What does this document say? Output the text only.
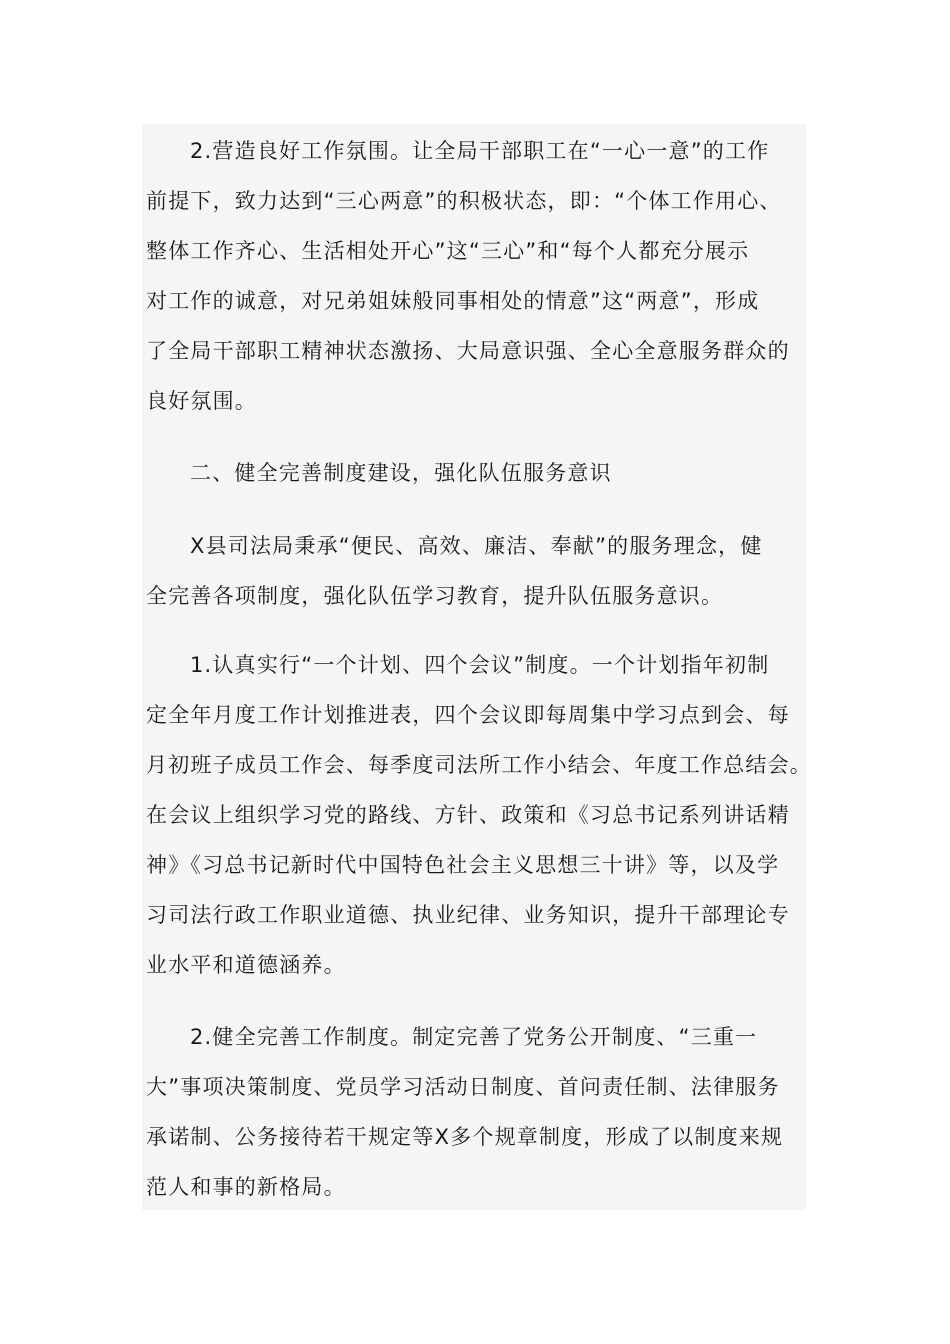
2.营造良好工作氛围。让全局干部职工在“一心一意”的工作
前提下，致力达到“三心两意”的积极状态，即：“个体工作用心、
整体工作齐心、生活相处开心”这“三心”和“每个人都充分展示
对工作的诚意，对兄弟姐妹般同事相处的情意”这“两意”，形成
了全局干部职工精神状态激扬、大局意识强、全心全意服务群众的
良好氛围。
二、健全完善制度建设，强化队伍服务意识
X县司法局秉承“便民、高效、廉洁、奉献”的服务理念，健
全完善各项制度，强化队伍学习教育，提升队伍服务意识。
1.认真实行“一个计划、四个会议”制度。一个计划指年初制
定全年月度工作计划推进表，四个会议即每周集中学习点到会、每
月初班子成员工作会、每季度司法所工作小结会、年度工作总结会。
在会议上组织学习党的路线、方针、政策和《习总书记系列讲话精
神》《习总书记新时代中国特色社会主义思想三十讲》等，以及学
习司法行政工作职业道德、执业纪律、业务知识，提升干部理论专
业水平和道德涵养。
2.健全完善工作制度。制定完善了党务公开制度、“三重一
大”事项决策制度、党员学习活动日制度、首问责任制、法律服务
承诺制、公务接待若干规定等X多个规章制度，形成了以制度来规
范人和事的新格局。
